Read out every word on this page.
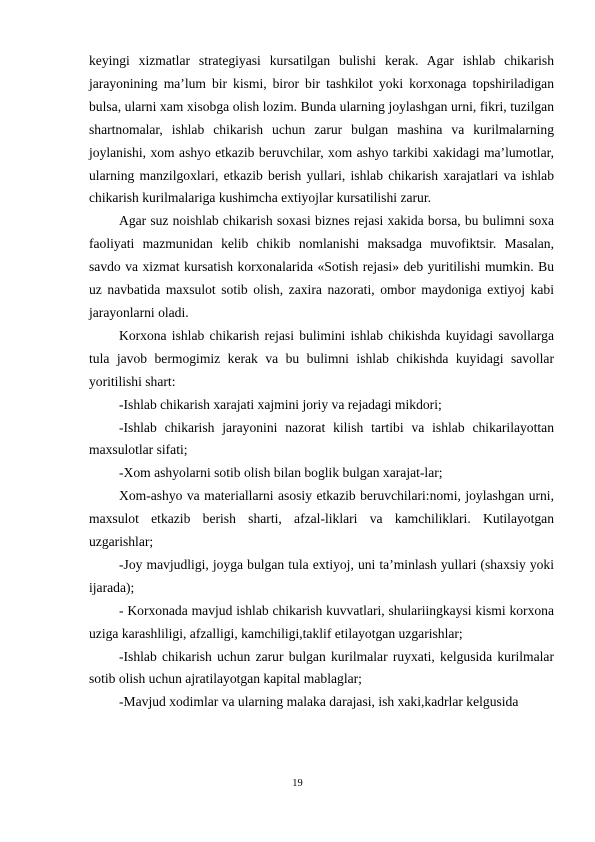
keyingi xizmatlar strategiyasi kursatilgan bulishi kerak. Agar ishlab chikarish jarayonining ma’lum bir kismi, biror bir tashkilot yoki korxonaga topshiriladigan bulsa, ularni xam xisobga olish lozim. Bunda ularning joylashgan urni, fikri, tuzilgan shartnomalar, ishlab chikarish uchun zarur bulgan mashina va kurilmalarning joylanishi, xom ashyo etkazib beruvchilar, xom ashyo tarkibi xakidagi ma’lumotlar, ularning manzilgoxlari, etkazib berish yullari, ishlab chikarish xarajatlari va ishlab chikarish kurilmalariga kushimcha extiyojlar kursatilishi zarur.

Agar suz noishlab chikarish soxasi biznes rejasi xakida borsa, bu bulimni soxa faoliyati mazmunidan kelib chikib nomlanishi maksadga muvofiktsir. Masalan, savdo va xizmat kursatish korxonalarida «Sotish rejasi» deb yuritilishi mumkin. Bu uz navbatida maxsulot sotib olish, zaxira nazorati, ombor maydoniga extiyoj kabi jarayonlarni oladi.

Korxona ishlab chikarish rejasi bulimini ishlab chikishda kuyidagi savollarga tula javob bermogimiz kerak va bu bulimni ishlab chikishda kuyidagi savollar yoritilishi shart:

-Ishlab chikarish xarajati xajmini joriy va rejadagi mikdori;

-Ishlab chikarish jarayonini nazorat kilish tartibi va ishlab chikarilayottan maxsulotlar sifati;

-Xom ashyolarni sotib olish bilan boglik bulgan xarajat-lar;

Xom-ashyo va materiallarni asosiy etkazib beruvchilari:nomi, joylashgan urni, maxsulot etkazib berish sharti, afzal-liklari va kamchiliklari. Kutilayotgan uzgarishlar;

-Joy mavjudligi, joyga bulgan tula extiyoj, uni ta’minlash yullari (shaxsiy yoki ijarada);

- Korxonada mavjud ishlab chikarish kuvvatlari, shulariingkaysi kismi korxona uziga karashliligi, afzalligi, kamchiligi,taklif etilayotgan uzgarishlar;

-Ishlab chikarish uchun zarur bulgan kurilmalar ruyxati, kelgusida kurilmalar sotib olish uchun ajratilayotgan kapital mablaglar;

-Mavjud xodimlar va ularning malaka darajasi, ish xaki,kadrlar kelgusida

19
